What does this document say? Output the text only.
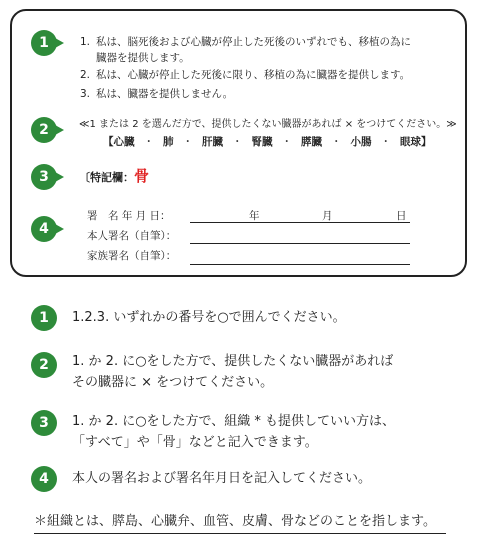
1
2
3
4
1. 私は、脳死後および心臓が停止した死後のいずれでも、移植の為に
臓器を提供します。
2. 私は、心臓が停止した死後に限り、移植の為に臓器を提供します。
3. 私は、臓器を提供しません。
≪1 または 2 を選んだ方で、提供したくない臓器があれば × をつけてください。≫
【心臓 ・ 肺 ・ 肝臓 ・ 腎臓 ・ 膵臓 ・ 小腸 ・ 眼球】
〔特記欄：骨
署　名 年 月 日：	年	月	日
本人署名（自筆）：
家族署名（自筆）：
1	1.2.3. いずれかの番号を○で囲んでください。
2	1. か 2. に○をした方で、提供したくない臓器があれば
その臓器に × をつけてください。
3	1. か 2. に○をした方で、組織 * も提供していい方は、
「すべて」や「骨」などと記入できます。
4	本人の署名および署名年月日を記入してください。
＊組織とは、膵島、心臓弁、血管、皮膚、骨などのことを指します。
